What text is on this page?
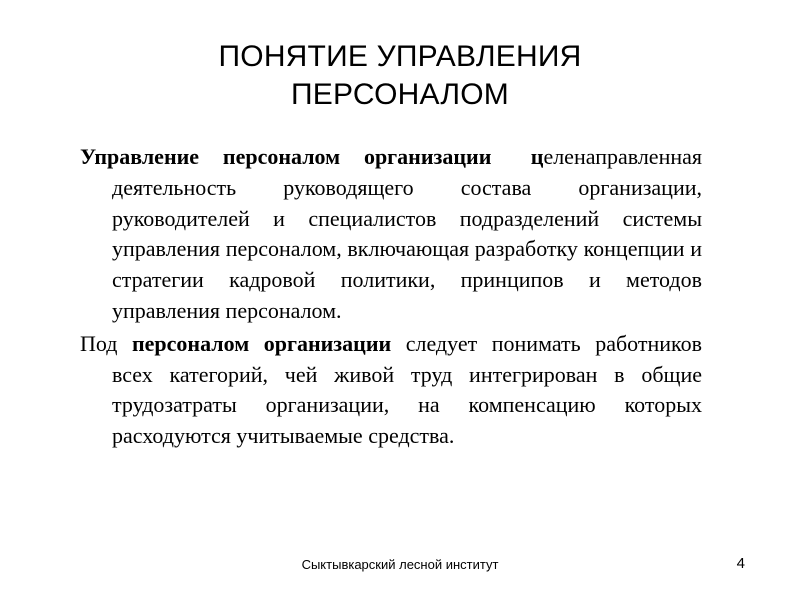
ПОНЯТИЕ УПРАВЛЕНИЯ
ПЕРСОНАЛОМ

Управление персоналом организации целенаправленная деятельность руководящего состава организации, руководителей и специалистов подразделений системы управления персоналом, включающая разработку концепции и стратегии кадровой политики, принципов и методов управления персоналом.

Под персоналом организации следует понимать работников всех категорий, чей живой труд интегрирован в общие трудозатраты организации, на компенсацию которых расходуются учитываемые средства.

Сыктывкарский лесной институт	4
